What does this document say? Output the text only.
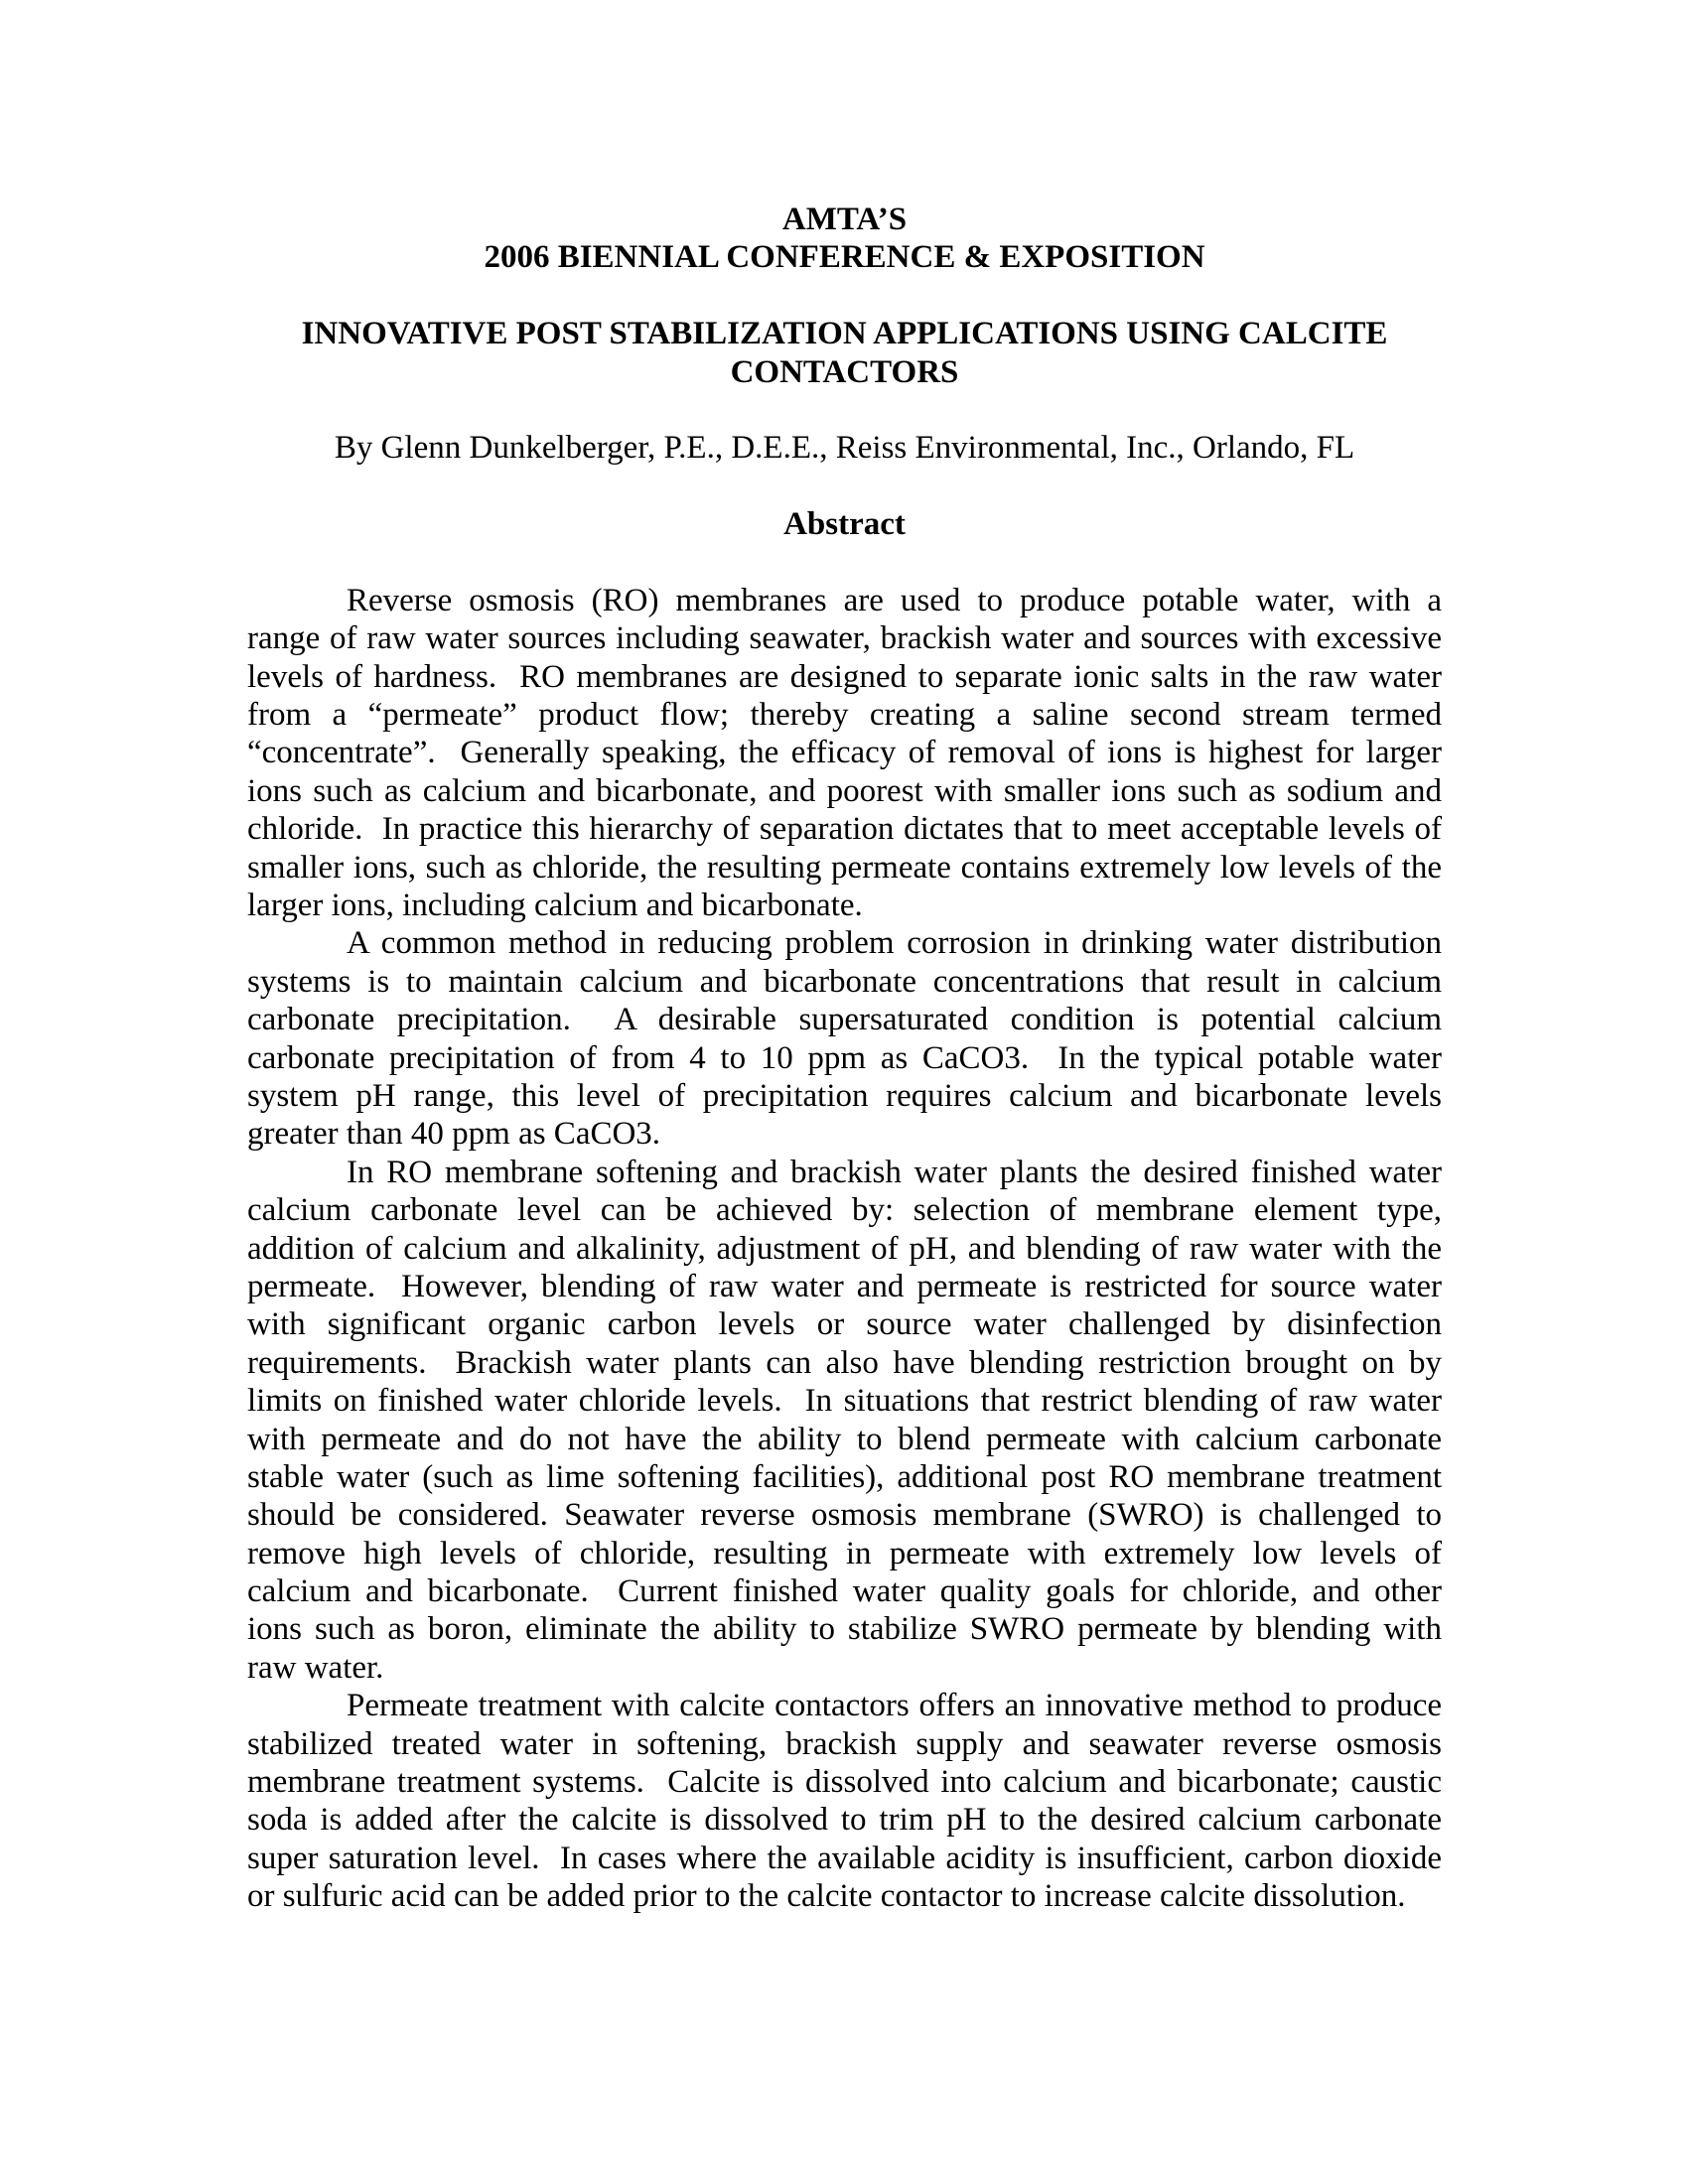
AMTA’S
2006 BIENNIAL CONFERENCE & EXPOSITION
INNOVATIVE POST STABILIZATION APPLICATIONS USING CALCITE
CONTACTORS
By Glenn Dunkelberger, P.E., D.E.E., Reiss Environmental, Inc., Orlando, FL
Abstract
Reverse osmosis (RO) membranes are used to produce potable water, with a
range of raw water sources including seawater, brackish water and sources with excessive
levels of hardness.  RO membranes are designed to separate ionic salts in the raw water
from a “permeate” product flow; thereby creating a saline second stream termed
“concentrate”.  Generally speaking, the efficacy of removal of ions is highest for larger
ions such as calcium and bicarbonate, and poorest with smaller ions such as sodium and
chloride.  In practice this hierarchy of separation dictates that to meet acceptable levels of
smaller ions, such as chloride, the resulting permeate contains extremely low levels of the
larger ions, including calcium and bicarbonate.
A common method in reducing problem corrosion in drinking water distribution
systems is to maintain calcium and bicarbonate concentrations that result in calcium
carbonate precipitation.  A desirable supersaturated condition is potential calcium
carbonate precipitation of from 4 to 10 ppm as CaCO3.  In the typical potable water
system pH range, this level of precipitation requires calcium and bicarbonate levels
greater than 40 ppm as CaCO3.
In RO membrane softening and brackish water plants the desired finished water
calcium carbonate level can be achieved by: selection of membrane element type,
addition of calcium and alkalinity, adjustment of pH, and blending of raw water with the
permeate.  However, blending of raw water and permeate is restricted for source water
with significant organic carbon levels or source water challenged by disinfection
requirements.  Brackish water plants can also have blending restriction brought on by
limits on finished water chloride levels.  In situations that restrict blending of raw water
with permeate and do not have the ability to blend permeate with calcium carbonate
stable water (such as lime softening facilities), additional post RO membrane treatment
should be considered. Seawater reverse osmosis membrane (SWRO) is challenged to
remove high levels of chloride, resulting in permeate with extremely low levels of
calcium and bicarbonate.  Current finished water quality goals for chloride, and other
ions such as boron, eliminate the ability to stabilize SWRO permeate by blending with
raw water.
Permeate treatment with calcite contactors offers an innovative method to produce
stabilized treated water in softening, brackish supply and seawater reverse osmosis
membrane treatment systems.  Calcite is dissolved into calcium and bicarbonate; caustic
soda is added after the calcite is dissolved to trim pH to the desired calcium carbonate
super saturation level.  In cases where the available acidity is insufficient, carbon dioxide
or sulfuric acid can be added prior to the calcite contactor to increase calcite dissolution.
